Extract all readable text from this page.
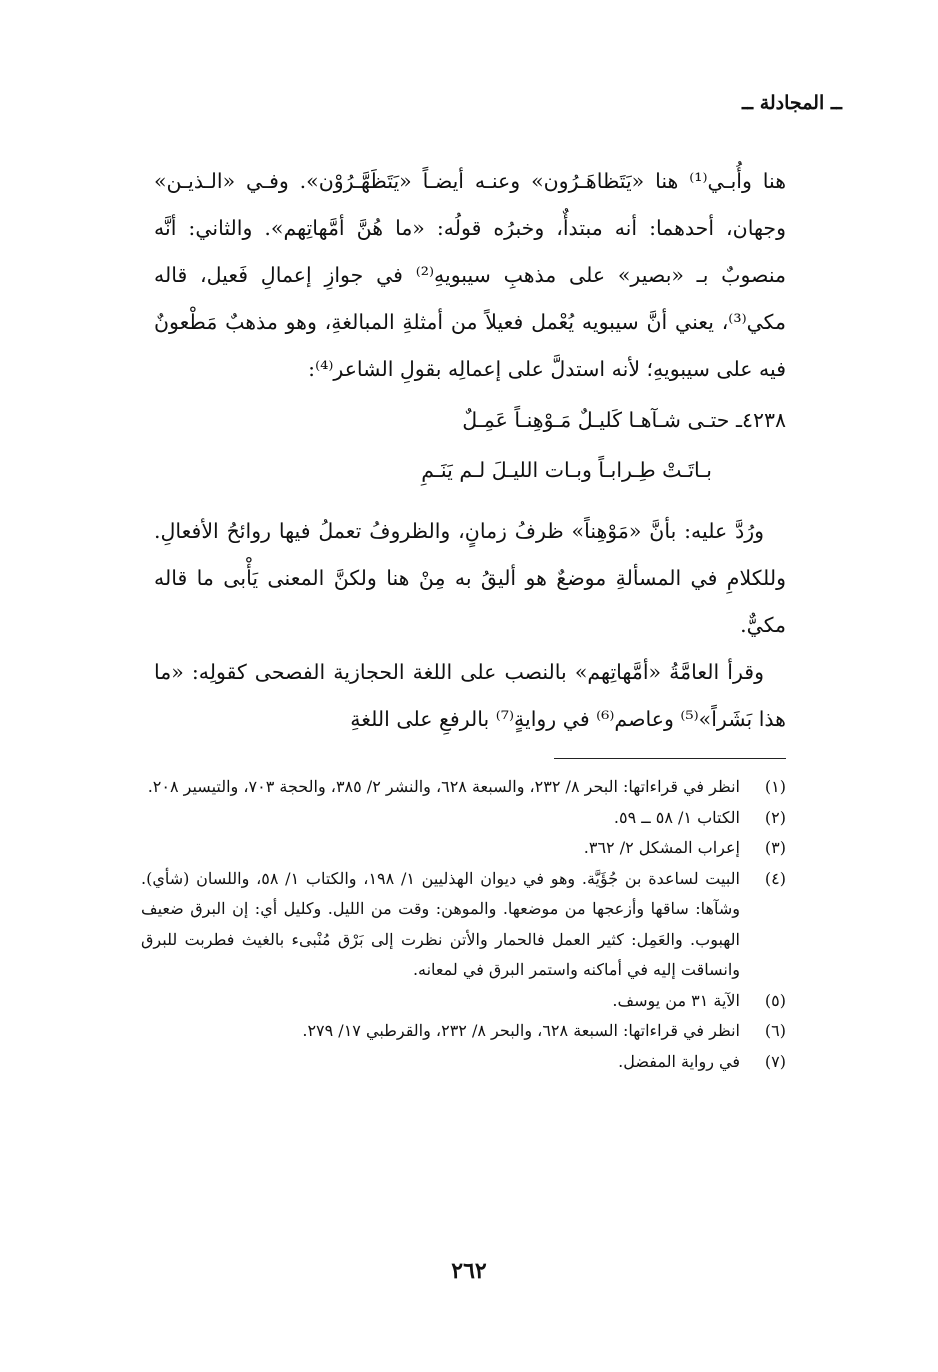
ــ المجادلة ــ

هنا وأُبـي⁽¹⁾ هنا «يَتَظاهَـرُون» وعنـه أيضـاً «يَتَظَهَّـرُوْن». وفـي «الـذيـن» وجهان، أحدهما: أنه مبتدأٌ، وخبرُه قولُه: «ما هُنَّ أمَّهاتِهم». والثاني: أنَّه منصوبٌ بـ «بصير» على مذهبِ سيبويهِ⁽²⁾ في جوازِ إعمالِ فَعيل، قاله مكي⁽³⁾، يعني أنَّ سيبويه يُعْمل فعيلاً من أمثلةِ المبالغةِ، وهو مذهبٌ مَطْعونٌ فيه على سيبويهِ؛ لأنه استدلَّ على إعمالِه بقولِ الشاعر⁽⁴⁾:

٤٢٣٨ـ حتـى شـآهـا كَليـلٌ مَـوْهِنـاً عَمِـلٌ
بـاتَـتْ طِـرابـاً وبـات الليـلَ لـم يَنَـمِ

ورُدَّ عليه: بأنَّ «مَوْهِناً» ظرفُ زمانٍ، والظروفُ تعملُ فيها روائحُ الأفعالِ. وللكلامِ في المسألةِ موضعٌ هو أليقُ به مِنْ هنا ولكنَّ المعنى يَأْبى ما قاله مكيٌّ.

وقرأ العامَّةُ «أمَّهاتِهم» بالنصب على اللغة الحجازية الفصحى كقولِه: «ما هذا بَشَراً»⁽⁵⁾ وعاصم⁽⁶⁾ في روايةٍ⁽⁷⁾ بالرفعِ على اللغةِ

(١)
انظر في قراءاتها: البحر ٨/ ٢٣٢، والسبعة ٦٢٨، والنشر ٢/ ٣٨٥، والحجة ٧٠٣، والتيسير ٢٠٨.
(٢)
الكتاب ١/ ٥٨ ــ ٥٩.
(٣)
إعراب المشكل ٢/ ٣٦٢.
(٤)
البيت لساعدة بن جُؤَيَّة. وهو في ديوان الهذليين ١/ ١٩٨، والكتاب ١/ ٥٨، واللسان (شأي). وشآها: ساقها وأزعجها من موضعها. والموهن: وقت من الليل. وكليل أي: إن البرق ضعيف الهبوب. والعَمِل: كثير العمل فالحمار والأتن نظرت إلى بَرْق مُنْبىء بالغيث فطربت للبرق وانساقت إليه في أماكنه واستمر البرق في لمعانه.
(٥)
الآية ٣١ من يوسف.
(٦)
انظر في قراءاتها: السبعة ٦٢٨، والبحر ٨/ ٢٣٢، والقرطبي ١٧/ ٢٧٩.
(٧)
في رواية المفضل.
٢٦٢
